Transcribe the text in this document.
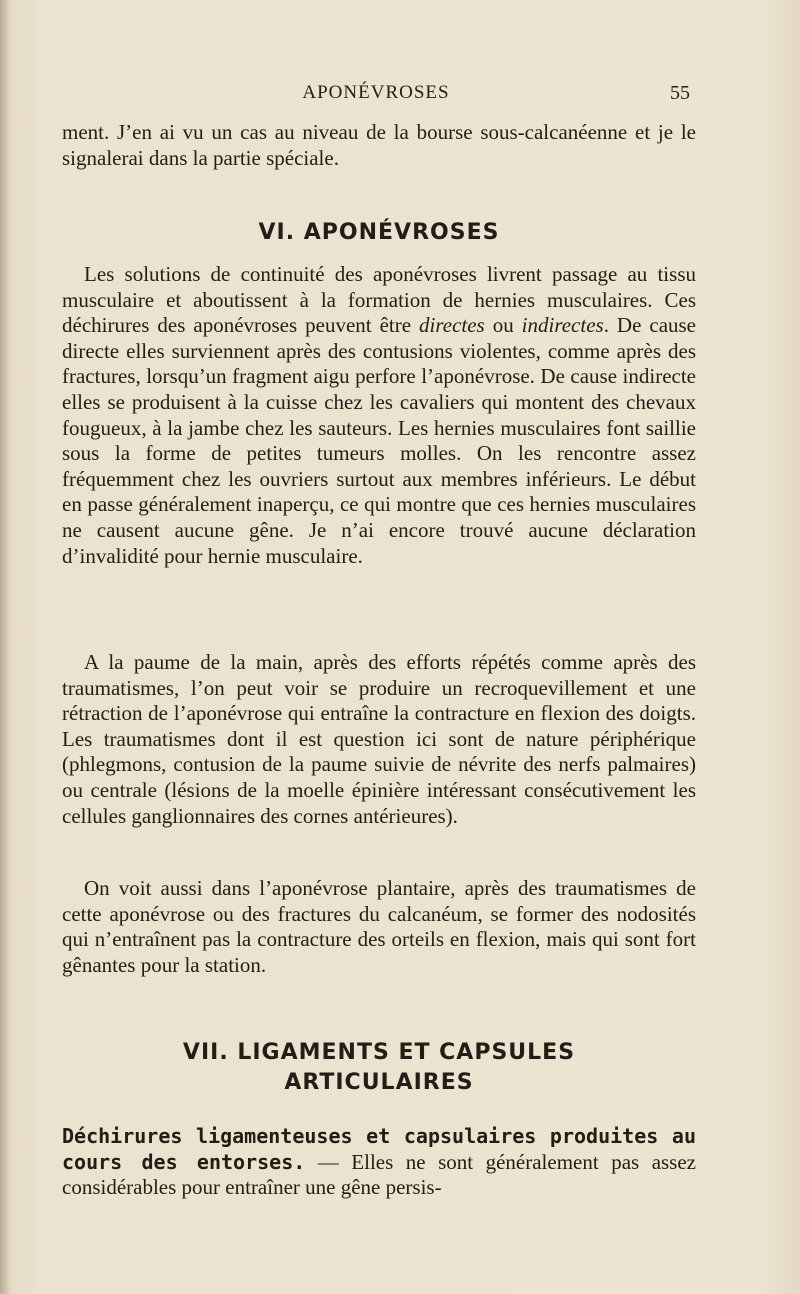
APONÉVROSES	55

ment. J’en ai vu un cas au niveau de la bourse sous-calcanéenne et je le signalerai dans la partie spéciale.

VI. APONÉVROSES

Les solutions de continuité des aponévroses livrent passage au tissu musculaire et aboutissent à la formation de hernies musculaires. Ces déchirures des aponévroses peuvent être directes ou indirectes. De cause directe elles surviennent après des contusions violentes, comme après des fractures, lorsqu’un fragment aigu perfore l’aponévrose. De cause indirecte elles se produisent à la cuisse chez les cavaliers qui montent des chevaux fougueux, à la jambe chez les sauteurs. Les hernies musculaires font saillie sous la forme de petites tumeurs molles. On les rencontre assez fréquemment chez les ouvriers surtout aux membres inférieurs. Le début en passe généralement inaperçu, ce qui montre que ces hernies musculaires ne causent aucune gêne. Je n’ai encore trouvé aucune déclaration d’invalidité pour hernie musculaire.

A la paume de la main, après des efforts répétés comme après des traumatismes, l’on peut voir se produire un recroquevillement et une rétraction de l’aponévrose qui entraîne la contracture en flexion des doigts. Les traumatismes dont il est question ici sont de nature périphérique (phlegmons, contusion de la paume suivie de névrite des nerfs palmaires) ou centrale (lésions de la moelle épinière intéressant consécutivement les cellules ganglionnaires des cornes antérieures).

On voit aussi dans l’aponévrose plantaire, après des traumatismes de cette aponévrose ou des fractures du calcanéum, se former des nodosités qui n’entraînent pas la contracture des orteils en flexion, mais qui sont fort gênantes pour la station.

VII. LIGAMENTS ET CAPSULES
ARTICULAIRES

Déchirures ligamenteuses et capsulaires produites au cours des entorses. — Elles ne sont généralement pas assez considérables pour entraîner une gêne persis-
